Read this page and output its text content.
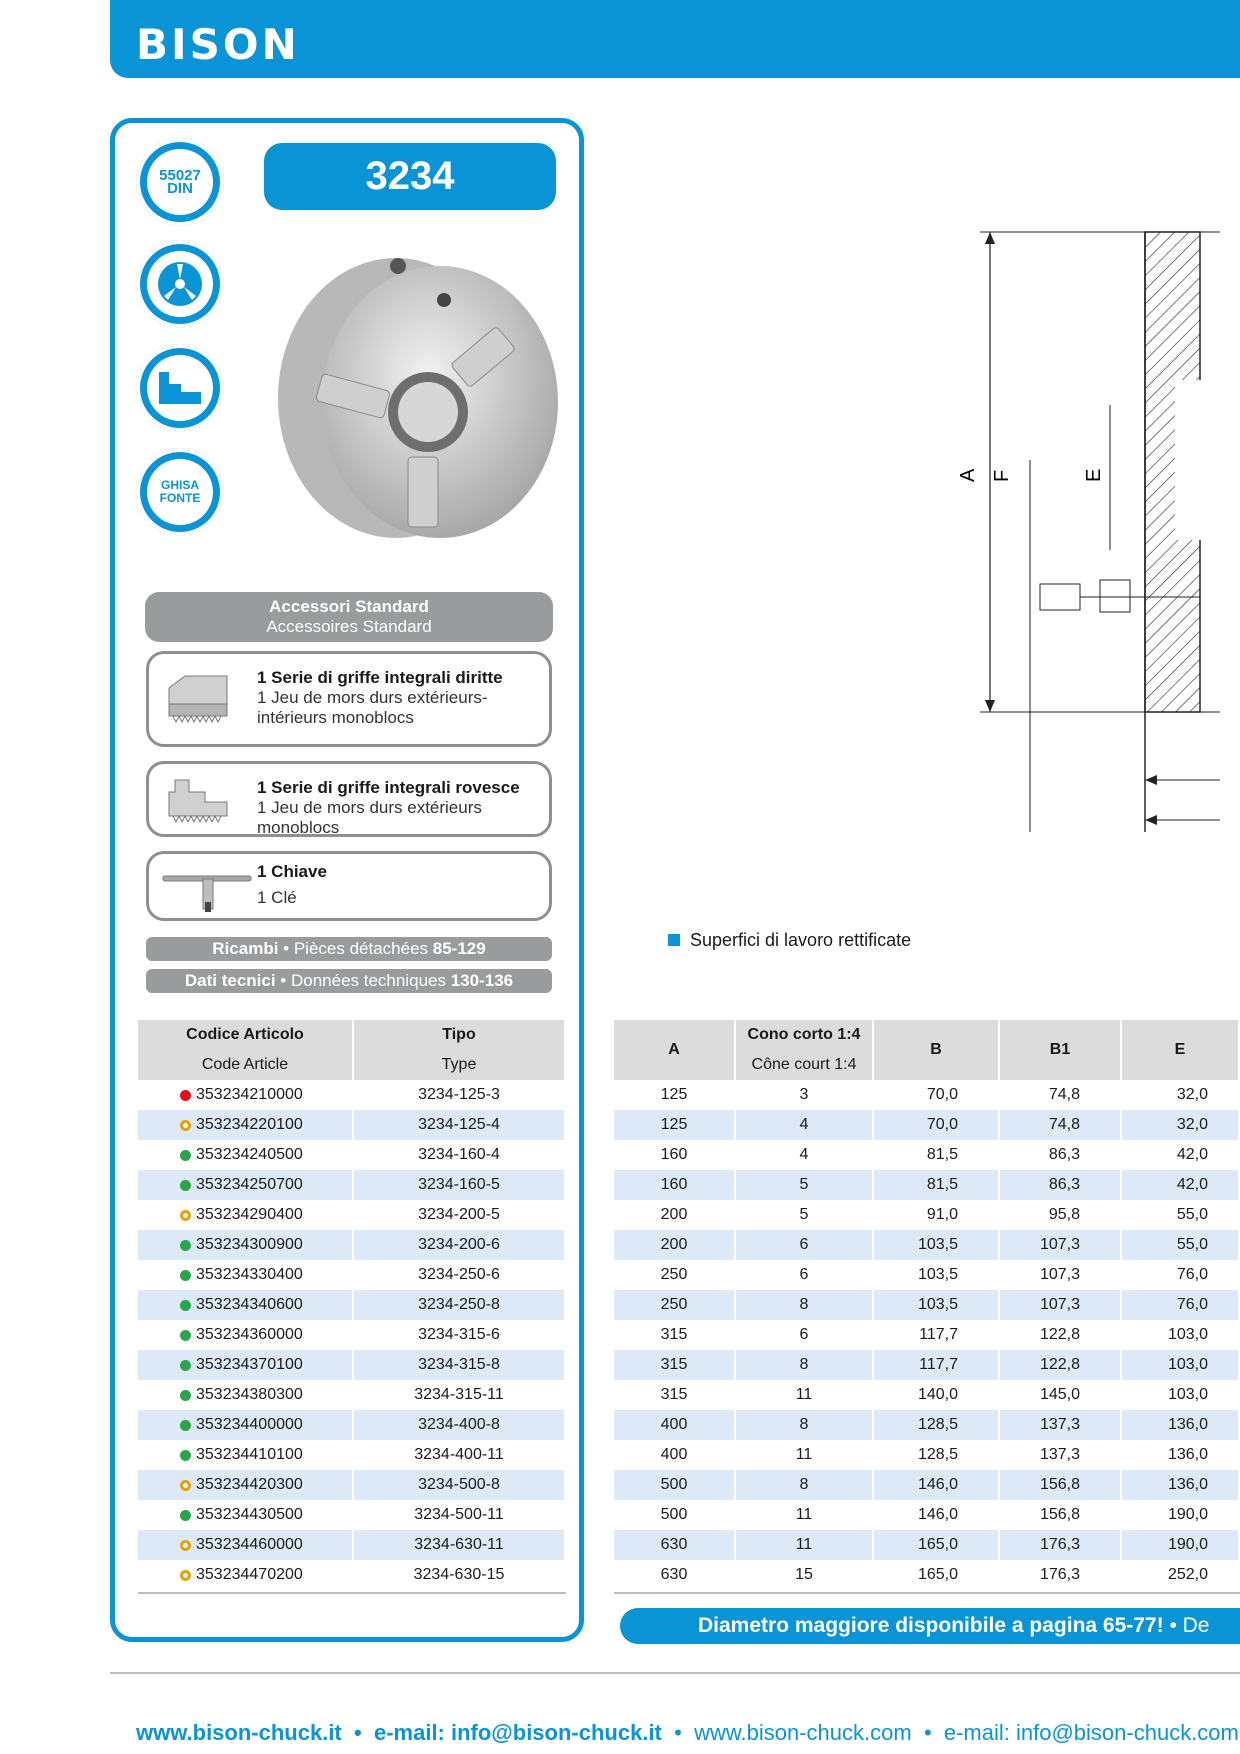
BISON
55027
DIN
GHISA
FONTE
3234
Accessori Standard
Accessoires Standard
1 Serie di griffe integrali diritte
1 Jeu de mors durs extérieurs-intérieurs monoblocs
1 Serie di griffe integrali rovesce
1 Jeu de mors durs extérieurs monoblocs
1 Chiave
1 Clé
Ricambi • Pièces détachées 85-129
Dati tecnici • Données techniques 130-136
A F	E
Superfici di lavoro rettificate
Codice Articolo	Tipo
Code Article	Type

353234210000	3234-125-3

353234220100	3234-125-4

353234240500	3234-160-4

353234250700	3234-160-5

353234290400	3234-200-5

353234300900	3234-200-6

353234330400	3234-250-6

353234340600	3234-250-8

353234360000	3234-315-6

353234370100	3234-315-8

353234380300	3234-315-11

353234400000	3234-400-8

353234410100	3234-400-11

353234420300	3234-500-8

353234430500	3234-500-11

353234460000	3234-630-11

353234470200	3234-630-15
A	Cono corto 1:4	B	B1	E
	Cône court 1:4			
125	3	70,0	74,8	32,0
125	4	70,0	74,8	32,0
160	4	81,5	86,3	42,0
160	5	81,5	86,3	42,0
200	5	91,0	95,8	55,0
200	6	103,5	107,3	55,0
250	6	103,5	107,3	76,0
250	8	103,5	107,3	76,0
315	6	117,7	122,8	103,0
315	8	117,7	122,8	103,0
315	11	140,0	145,0	103,0
400	8	128,5	137,3	136,0
400	11	128,5	137,3	136,0
500	8	146,0	156,8	136,0
500	11	146,0	156,8	190,0
630	11	165,0	176,3	190,0
630	15	165,0	176,3	252,0
Diametro maggiore disponibile a pagina 65-77! • De
www.bison-chuck.it • e-mail: info@bison-chuck.it • www.bison-chuck.com • e-mail: info@bison-chuck.com
